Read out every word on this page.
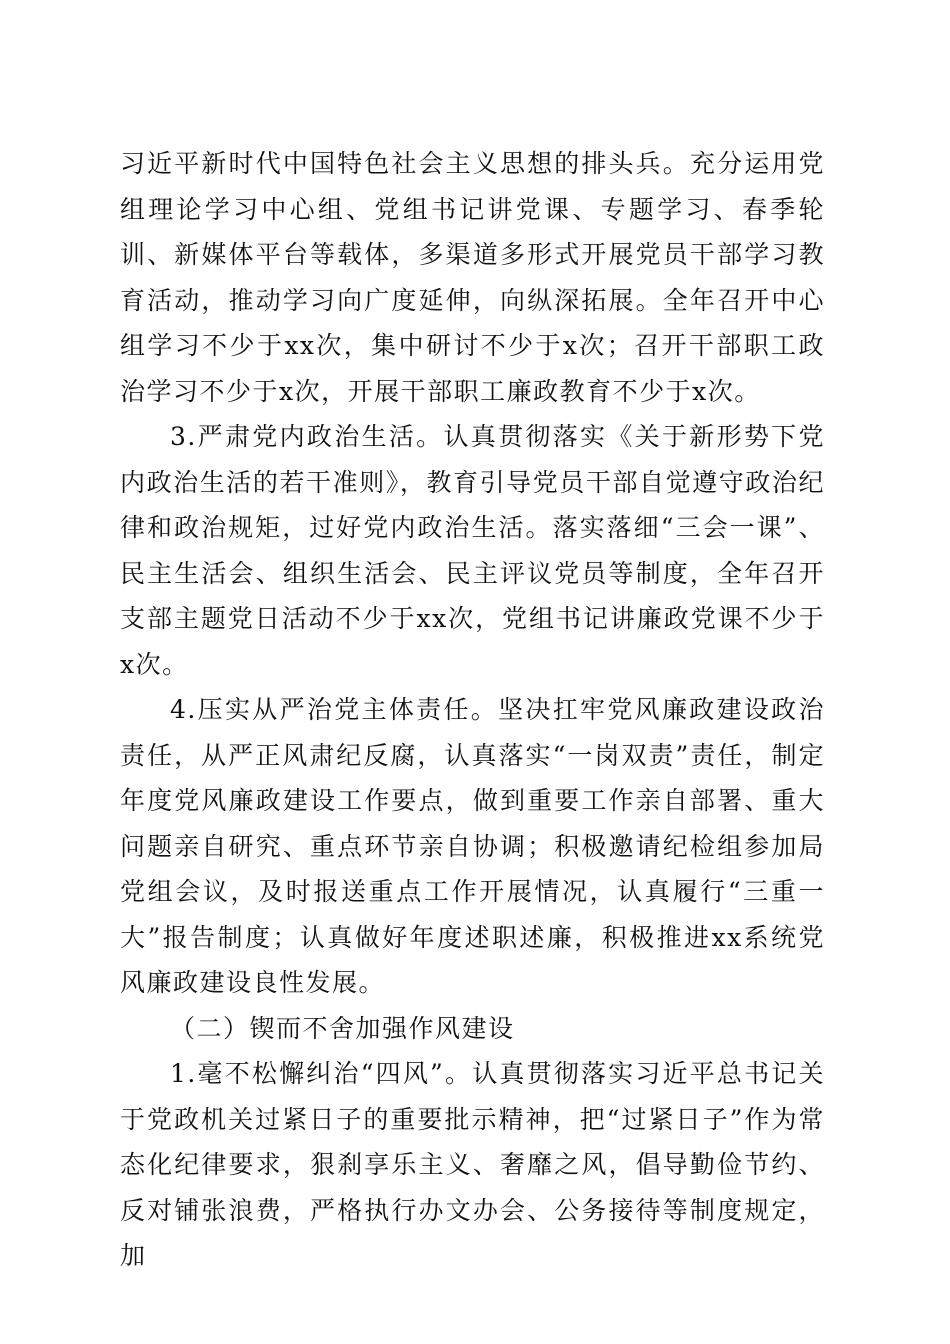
习近平新时代中国特色社会主义思想的排头兵。充分运用党组理论学习中心组、党组书记讲党课、专题学习、春季轮训、新媒体平台等载体，多渠道多形式开展党员干部学习教育活动，推动学习向广度延伸，向纵深拓展。全年召开中心组学习不少于xx次，集中研讨不少于x次；召开干部职工政治学习不少于x次，开展干部职工廉政教育不少于x次。

3.严肃党内政治生活。认真贯彻落实《关于新形势下党内政治生活的若干准则》，教育引导党员干部自觉遵守政治纪律和政治规矩，过好党内政治生活。落实落细“三会一课”、民主生活会、组织生活会、民主评议党员等制度，全年召开支部主题党日活动不少于xx次，党组书记讲廉政党课不少于x次。

4.压实从严治党主体责任。坚决扛牢党风廉政建设政治责任，从严正风肃纪反腐，认真落实“一岗双责”责任，制定年度党风廉政建设工作要点，做到重要工作亲自部署、重大问题亲自研究、重点环节亲自协调；积极邀请纪检组参加局党组会议，及时报送重点工作开展情况，认真履行“三重一大”报告制度；认真做好年度述职述廉，积极推进xx系统党风廉政建设良性发展。

（二）锲而不舍加强作风建设

1.毫不松懈纠治“四风”。认真贯彻落实习近平总书记关于党政机关过紧日子的重要批示精神，把“过紧日子”作为常态化纪律要求，狠刹享乐主义、奢靡之风，倡导勤俭节约、反对铺张浪费，严格执行办文办会、公务接待等制度规定，加
